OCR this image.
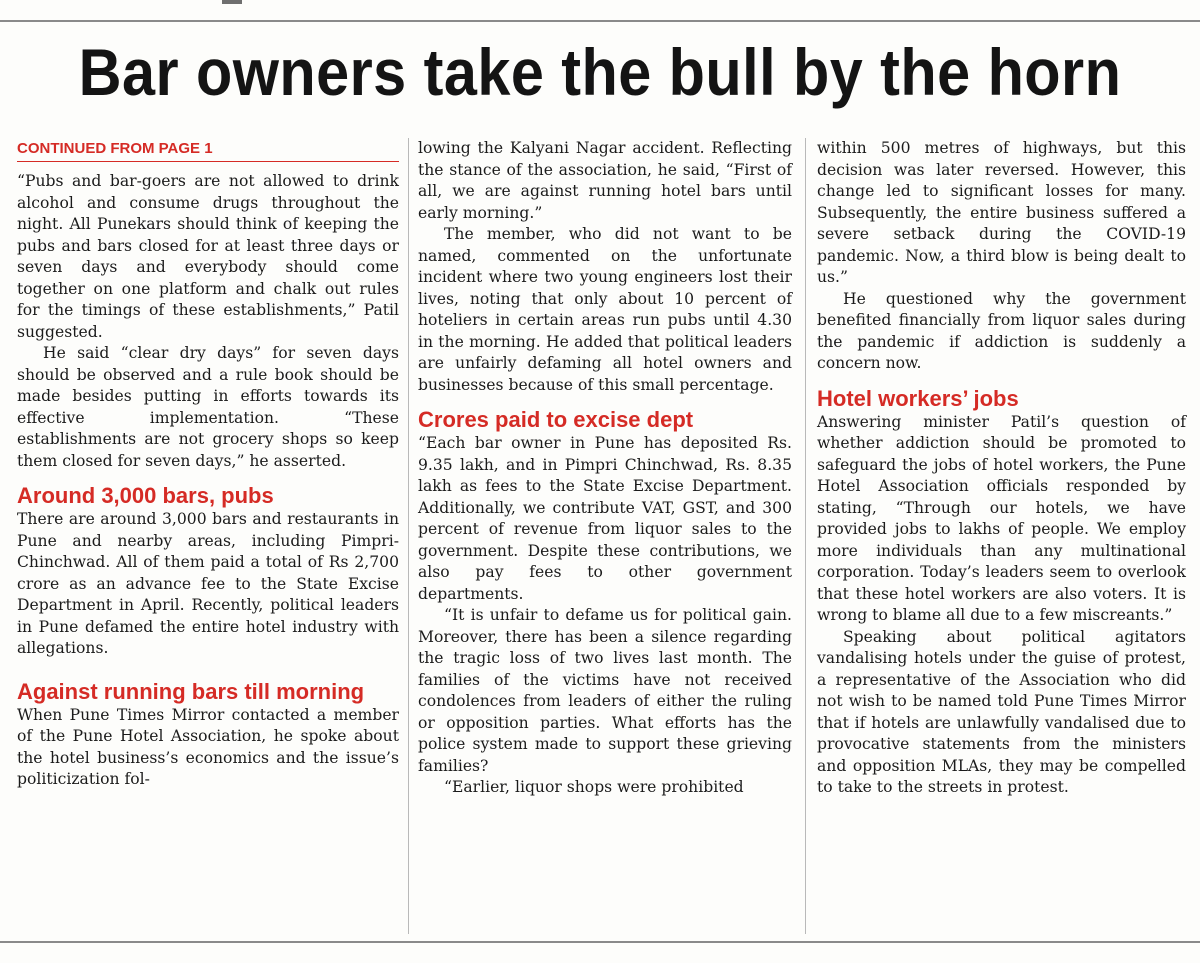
Bar owners take the bull by the horn
CONTINUED FROM PAGE 1

“Pubs and bar-goers are not allowed to drink alcohol and consume drugs throughout the night. All Punekars should think of keeping the pubs and bars closed for at least three days or seven days and everybody should come together on one platform and chalk out rules for the timings of these establishments,” Patil suggested.

He said “clear dry days” for seven days should be observed and a rule book should be made besides putting in efforts towards its effective implementation. “These establishments are not grocery shops so keep them closed for seven days,” he asserted.

Around 3,000 bars, pubs

There are around 3,000 bars and restaurants in Pune and nearby areas, including Pimpri-Chinchwad. All of them paid a total of Rs 2,700 crore as an advance fee to the State Excise Department in April. Recently, political leaders in Pune defamed the entire hotel industry with allegations.

Against running bars till morning

When Pune Times Mirror contacted a member of the Pune Hotel Association, he spoke about the hotel business’s economics and the issue’s politicization fol-

lowing the Kalyani Nagar accident. Reflecting the stance of the association, he said, “First of all, we are against running hotel bars until early morning.”

The member, who did not want to be named, commented on the unfortunate incident where two young engineers lost their lives, noting that only about 10 percent of hoteliers in certain areas run pubs until 4.30 in the morning. He added that political leaders are unfairly defaming all hotel owners and businesses because of this small percentage.

Crores paid to excise dept

“Each bar owner in Pune has deposited Rs. 9.35 lakh, and in Pimpri Chinchwad, Rs. 8.35 lakh as fees to the State Excise Department. Additionally, we contribute VAT, GST, and 300 percent of revenue from liquor sales to the government. Despite these contributions, we also pay fees to other government departments.

“It is unfair to defame us for political gain. Moreover, there has been a silence regarding the tragic loss of two lives last month. The families of the victims have not received condolences from leaders of either the ruling or opposition parties. What efforts has the police system made to support these grieving families?

“Earlier, liquor shops were prohibited

within 500 metres of highways, but this decision was later reversed. However, this change led to significant losses for many. Subsequently, the entire business suffered a severe setback during the COVID-19 pandemic. Now, a third blow is being dealt to us.”

He questioned why the government benefited financially from liquor sales during the pandemic if addiction is suddenly a concern now.

Hotel workers’ jobs

Answering minister Patil’s question of whether addiction should be promoted to safeguard the jobs of hotel workers, the Pune Hotel Association officials responded by stating, “Through our hotels, we have provided jobs to lakhs of people. We employ more individuals than any multinational corporation. Today’s leaders seem to overlook that these hotel workers are also voters. It is wrong to blame all due to a few miscreants.”

Speaking about political agitators vandalising hotels under the guise of protest, a representative of the Association who did not wish to be named told Pune Times Mirror that if hotels are unlawfully vandalised due to provocative statements from the ministers and opposition MLAs, they may be compelled to take to the streets in protest.
